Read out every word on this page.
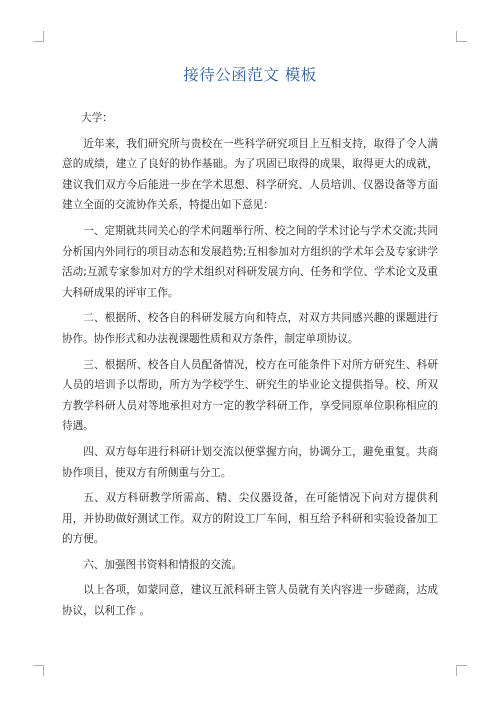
接待公函范文 模板

大学：

近年来，我们研究所与贵校在一些科学研究项目上互相支持，取得了令人满意的成绩，建立了良好的协作基础。为了巩固已取得的成果，取得更大的成就，建议我们双方今后能进一步在学术思想、科学研究、人员培训、仪器设备等方面建立全面的交流协作关系，特提出如下意见：

一、定期就共同关心的学术问题举行所、校之间的学术讨论与学术交流;共同分析国内外同行的项目动态和发展趋势;互相参加对方组织的学术年会及专家讲学活动;互派专家参加对方的学术组织对科研发展方向、任务和学位、学术论文及重大科研成果的评审工作。

二、根据所、校各自的科研发展方向和特点，对双方共同感兴趣的课题进行协作。协作形式和办法视课题性质和双方条件，制定单项协议。

三、根据所、校各自人员配备情况，校方在可能条件下对所方研究生、科研人员的培训予以帮助，所方为学校学生、研究生的毕业论文提供指导。校、所双方教学科研人员对等地承担对方一定的教学科研工作，享受同原单位职称相应的待遇。

四、双方每年进行科研计划交流以便掌握方向，协调分工，避免重复。共商协作项目，使双方有所侧重与分工。

五、双方科研教学所需高、精、尖仪器设备，在可能情况下向对方提供利用，并协助做好测试工作。双方的附设工厂车间，相互给予科研和实验设备加工的方便。

六、加强图书资料和情报的交流。

以上各项，如蒙同意，建议互派科研主管人员就有关内容进一步磋商，达成协议，以利工作 。
